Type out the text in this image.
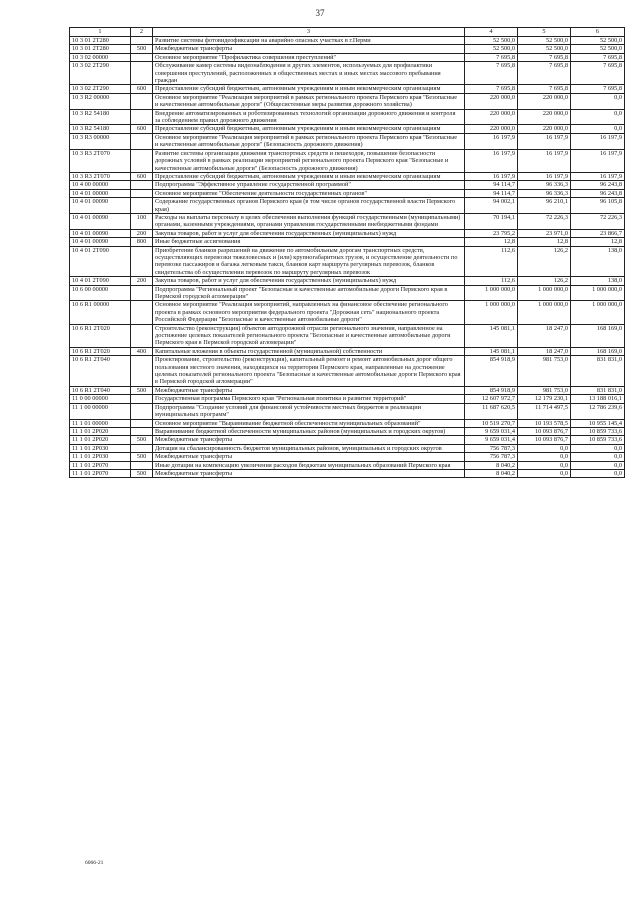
37
1	2	3	4	5	6
10 3 01 2Т280		Развитие системы фотовидеофиксации на аварийно опасных участках в г.Перми	52 500,0	52 500,0	52 500,0
10 3 01 2Т280	500	Межбюджетные трансферты	52 500,0	52 500,0	52 500,0
10 3 02 00000		Основное мероприятие "Профилактика совершения преступлений"	7 695,8	7 695,8	7 695,8
10 3 02 2Т290		Обслуживание камер системы видеонаблюдения и других элементов, используемых для профилактики совершения преступлений, расположенных в общественных местах и иных местах массового пребывания граждан	7 695,8	7 695,8	7 695,8
10 3 02 2Т290	600	Предоставление субсидий бюджетным, автономным учреждениям и иным некоммерческим организациям	7 695,8	7 695,8	7 695,8
10 3 R2 00000		Основное мероприятие "Реализация мероприятий в рамках регионального проекта Пермского края "Безопасные и качественные автомобильные дороги" (Общесистемные меры развития дорожного хозяйства)	220 000,0	220 000,0	0,0
10 3 R2 54180		Внедрение автоматизированных и роботизированных технологий организации дорожного движения и контроля за соблюдением правил дорожного движения	220 000,0	220 000,0	0,0
10 3 R2 54180	600	Предоставление субсидий бюджетным, автономным учреждениям и иным некоммерческим организациям	220 000,0	220 000,0	0,0
10 3 R3 00000		Основное мероприятие "Реализация мероприятий в рамках регионального проекта Пермского края "Безопасные и качественные автомобильные дороги" (Безопасность дорожного движения)	16 197,9	16 197,9	16 197,9
10 3 R3 2Т070		Развитие системы организации движения транспортных средств и пешеходов, повышение безопасности дорожных условий в рамках реализации мероприятий регионального проекта Пермского края "Безопасные и качественные автомобильные дороги" (Безопасность дорожного движения)	16 197,9	16 197,9	16 197,9
10 3 R3 2Т070	600	Предоставление субсидий бюджетным, автономным учреждениям и иным некоммерческим организациям	16 197,9	16 197,9	16 197,9
10 4 00 00000		Подпрограмма "Эффективное управление государственной программой"	94 114,7	96 336,3	96 243,8
10 4 01 00000		Основное мероприятие "Обеспечение деятельности государственных органов"	94 114,7	96 336,3	96 243,8
10 4 01 00090		Содержание государственных органов Пермского края (в том числе органов государственной власти Пермского края)	94 002,1	96 210,1	96 105,8
10 4 01 00090	100	Расходы на выплаты персоналу в целях обеспечения выполнения функций государственными (муниципальными) органами, казенными учреждениями, органами управления государственными внебюджетными фондами	70 194,1	72 226,3	72 226,3
10 4 01 00090	200	Закупка товаров, работ и услуг для обеспечения государственных (муниципальных) нужд	23 795,2	23 971,0	23 866,7
10 4 01 00090	800	Иные бюджетные ассигнования	12,8	12,8	12,8
10 4 01 2Т090		Приобретение бланков разрешений на движение по автомобильным дорогам транспортных средств, осуществляющих перевозки тяжеловесных и (или) крупногабаритных грузов, и осуществление деятельности по перевозке пассажиров и багажа легковым такси, бланков карт маршрута регулярных перевозок, бланков свидетельства об осуществлении перевозок по маршруту регулярных перевозок	112,6	126,2	138,0
10 4 01 2Т090	200	Закупка товаров, работ и услуг для обеспечения государственных (муниципальных) нужд	112,6	126,2	138,0
10 6 00 00000		Подпрограмма "Региональный проект "Безопасные и качественные автомобильные дороги Пермского края в Пермской городской агломерации"	1 000 000,0	1 000 000,0	1 000 000,0
10 6 R1 00000		Основное мероприятие "Реализация мероприятий, направленных на финансовое обеспечение регионального проекта в рамках основного мероприятия федерального проекта "Дорожная сеть" национального проекта Российской Федерации "Безопасные и качественные автомобильные дороги"	1 000 000,0	1 000 000,0	1 000 000,0
10 6 R1 2Т020		Строительство (реконструкция) объектов автодорожной отрасли регионального значения, направленное на достижение целевых показателей регионального проекта "Безопасные и качественные автомобильные дороги Пермского края в Пермской городской агломерации"	145 081,1	18 247,0	168 169,0
10 6 R1 2Т020	400	Капитальные вложения в объекты государственной (муниципальной) собственности	145 081,1	18 247,0	168 169,0
10 6 R1 2Т040		Проектирование, строительство (реконструкция), капитальный ремонт и ремонт автомобильных дорог общего пользования местного значения, находящихся на территории Пермского края, направленные на достижение целевых показателей регионального проекта "Безопасные и качественные автомобильные дороги Пермского края в Пермской городской агломерации"	854 918,9	981 753,0	831 831,0
10 6 R1 2Т040	500	Межбюджетные трансферты	854 918,9	981 753,0	831 831,0
11 0 00 00000		Государственная программа Пермского края "Региональная политика и развитие территорий"	12 607 972,7	12 179 230,1	13 188 016,1
11 1 00 00000		Подпрограмма "Создание условий для финансовой устойчивости местных бюджетов и реализации муниципальных программ"	11 687 620,5	11 714 497,5	12 786 239,6
11 1 01 00000		Основное мероприятие "Выравнивание бюджетной обеспеченности муниципальных образований"	10 519 270,7	10 193 578,5	10 955 145,4
11 1 01 2Р020		Выравнивание бюджетной обеспеченности муниципальных районов (муниципальных и городских округов)	9 659 031,4	10 093 876,7	10 859 733,6
11 1 01 2Р020	500	Межбюджетные трансферты	9 659 031,4	10 093 876,7	10 859 733,6
11 1 01 2Р030		Дотация на сбалансированность бюджетов муниципальных районов, муниципальных и городских округов	756 787,3	0,0	0,0
11 1 01 2Р030	500	Межбюджетные трансферты	756 787,3	0,0	0,0
11 1 01 2Р070		Иные дотации на компенсацию увеличения расходов бюджетам муниципальных образований Пермского края	8 040,2	0,0	0,0
11 1 01 2Р070	500	Межбюджетные трансферты	8 040,2	0,0	0,0
6066-21
